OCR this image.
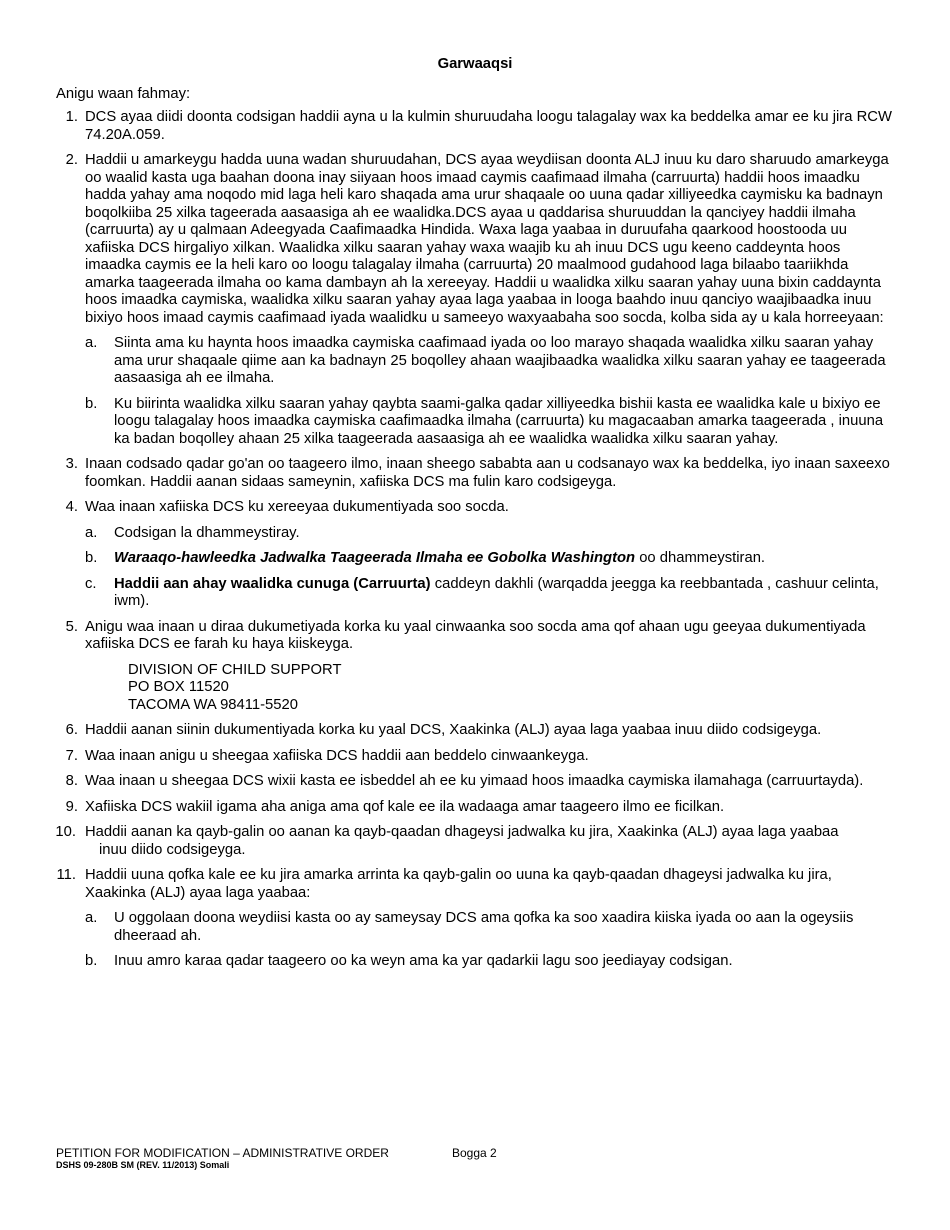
Garwaaqsi

Anigu waan fahmay:

1. DCS ayaa diidi doonta codsigan haddii ayna u la kulmin shuruudaha loogu talagalay wax ka beddelka amar ee ku jira RCW 74.20A.059.
2. Haddii u amarkeygu hadda uuna wadan shuruudahan, DCS ayaa weydiisan doonta ALJ inuu ku daro sharuudo amarkeyga oo waalid kasta uga baahan doona inay siiyaan hoos imaad caymis caafimaad ilmaha (carruurta) haddii hoos imaadku hadda yahay ama noqodo mid laga heli karo shaqada ama urur shaqaale oo uuna qadar xilliyeedka caymisku ka badnayn boqolkiiba 25 xilka tageerada aasaasiga ah ee waalidka.DCS ayaa u qaddarisa shuruuddan la qanciyey haddii ilmaha (carruurta) ay u qalmaan Adeegyada Caafimaadka Hindida. Waxa laga yaabaa in duruufaha qaarkood hoostooda uu xafiiska DCS hirgaliyo xilkan. Waalidka xilku saaran yahay waxa waajib ku ah inuu DCS ugu keeno caddeynta hoos imaadka caymis ee la heli karo oo loogu talagalay ilmaha (carruurta) 20 maalmood gudahood laga bilaabo taariikhda amarka taageerada ilmaha oo kama dambayn ah la xereeyay. Haddii u waalidka xilku saaran yahay uuna bixin caddaynta hoos imaadka caymiska, waalidka xilku saaran yahay ayaa laga yaabaa in looga baahdo inuu qanciyo waajibaadka inuu bixiyo hoos imaad caymis caafimaad iyada waalidku u sameeyo waxyaabaha soo socda, kolba sida ay u kala horreeyaan:
a. Siinta ama ku haynta hoos imaadka caymiska caafimaad iyada oo loo marayo shaqada waalidka xilku saaran yahay ama urur shaqaale qiime aan ka badnayn 25 boqolley ahaan waajibaadka waalidka xilku saaran yahay ee taageerada aasaasiga ah ee ilmaha.
b. Ku biirinta waalidka xilku saaran yahay qaybta saami-galka qadar xilliyeedka bishii kasta ee waalidka kale u bixiyo ee loogu talagalay hoos imaadka caymiska caafimaadka ilmaha (carruurta) ku magacaaban amarka taageerada , inuuna ka badan boqolley ahaan 25 xilka taageerada aasaasiga ah ee waalidka waalidka xilku saaran yahay.
3. Inaan codsado qadar go'an oo taageero ilmo, inaan sheego sababta aan u codsanayo wax ka beddelka, iyo inaan saxeexo foomkan. Haddii aanan sidaas sameynin, xafiiska DCS ma fulin karo codsigeyga.
4. Waa inaan xafiiska DCS ku xereeyaa dukumentiyada soo socda.
a. Codsigan la dhammeystiray.
b. Waraaqo-hawleedka Jadwalka Taageerada Ilmaha ee Gobolka Washington oo dhammeystiran.
c. Haddii aan ahay waalidka cunuga (Carruurta) caddeyn dakhli (warqadda jeegga ka reebbantada , cashuur celinta, iwm).
5. Anigu waa inaan u diraa dukumetiyada korka ku yaal cinwaanka soo socda ama qof ahaan ugu geeyaa dukumentiyada xafiiska DCS ee farah ku haya kiiskeyga.
DIVISION OF CHILD SUPPORT
PO BOX 11520
TACOMA WA 98411-5520
6. Haddii aanan siinin dukumentiyada korka ku yaal DCS, Xaakinka (ALJ) ayaa laga yaabaa inuu diido codsigeyga.
7. Waa inaan anigu u sheegaa xafiiska DCS haddii aan beddelo cinwaankeyga.
8. Waa inaan u sheegaa DCS wixii kasta ee isbeddel ah ee ku yimaad hoos imaadka caymiska ilamahaga (carruurtayda).
9. Xafiiska DCS wakiil igama aha aniga ama qof kale ee ila wadaaga amar taageero ilmo ee ficilkan.
10. Haddii aanan ka qayb-galin oo aanan ka qayb-qaadan dhageysi jadwalka ku jira, Xaakinka (ALJ) ayaa laga yaabaa
inuu diido codsigeyga.
11. Haddii uuna qofka kale ee ku jira amarka arrinta ka qayb-galin oo uuna ka qayb-qaadan dhageysi jadwalka ku jira, Xaakinka (ALJ) ayaa laga yaabaa:
a. U oggolaan doona weydiisi kasta oo ay sameysay DCS ama qofka ka soo xaadira kiiska iyada oo aan la ogeysiis dheeraad ah.
b. Inuu amro karaa qadar taageero oo ka weyn ama ka yar qadarkii lagu soo jeediayay codsigan.
PETITION FOR MODIFICATION – ADMINISTRATIVE ORDER	Bogga 2
DSHS 09-280B SM (REV. 11/2013) Somali
